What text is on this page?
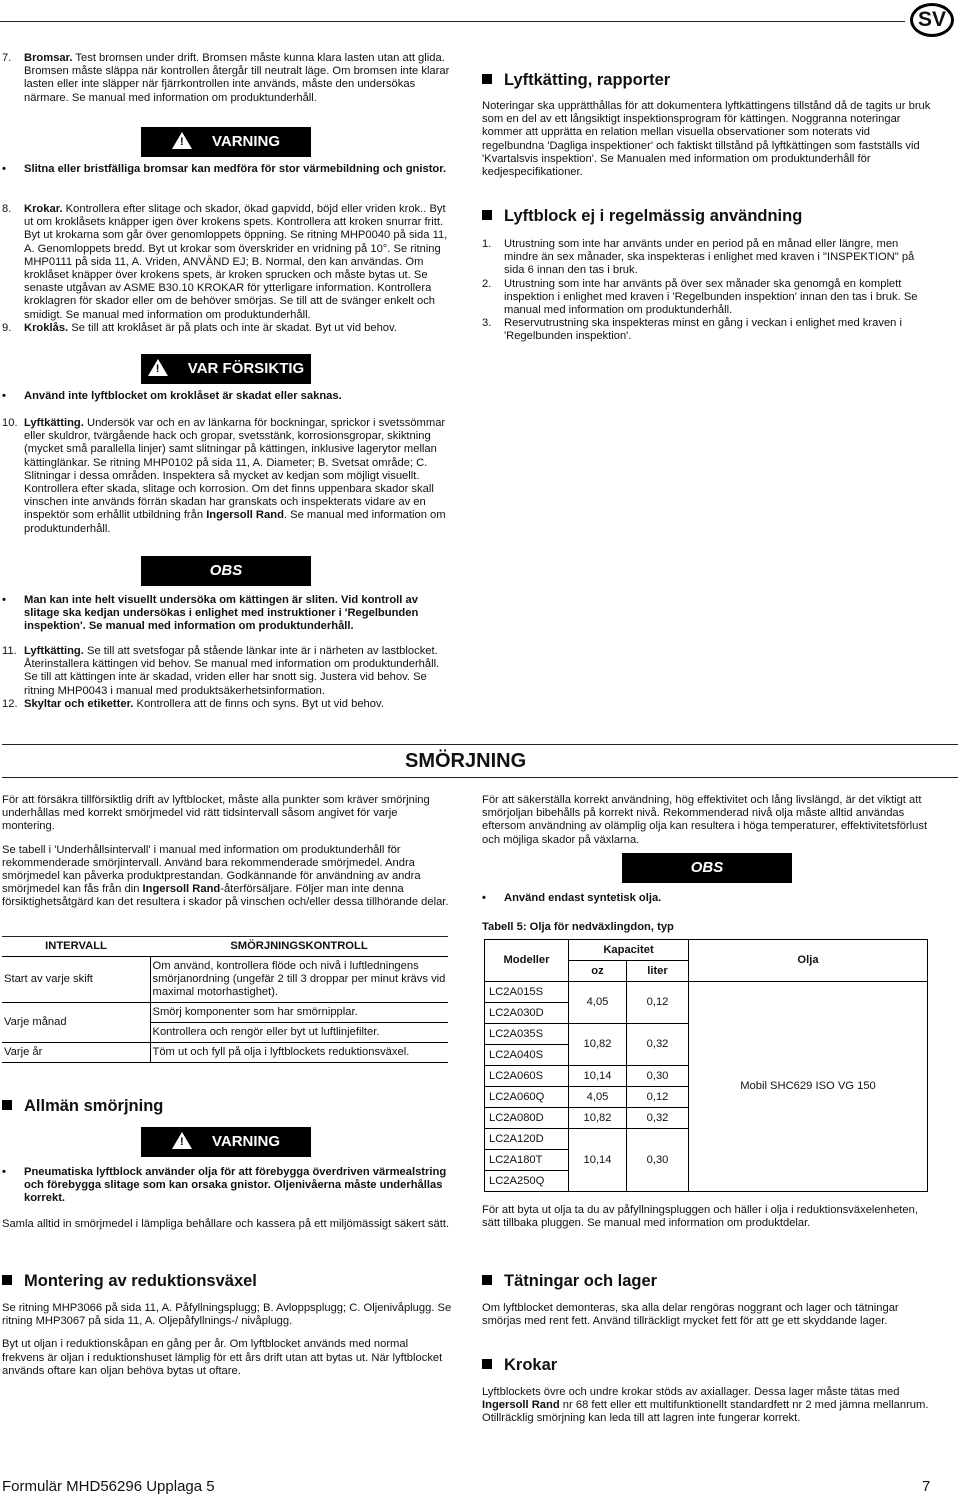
SV

7. Bromsar. Test bromsen under drift. Bromsen måste kunna klara lasten utan att glida. Bromsen måste släppa när kontrollen återgår till neutralt läge. Om bromsen inte klarar lasten eller inte släpper när fjärrkontrollen inte används, måste den undersökas närmare. Se manual med information om produktunderhåll.

! VARNING

• Slitna eller bristfälliga bromsar kan medföra för stor värmebildning och gnistor.

8. Krokar. Kontrollera efter slitage och skador, ökad gapvidd, böjd eller vriden krok.. Byt ut om kroklåsets knäpper igen över krokens spets. Kontrollera att kroken snurrar fritt. Byt ut krokarna som går över genomloppets öppning. Se ritning MHP0040 på sida 11, A. Genomloppets bredd. Byt ut krokar som överskrider en vridning på 10°. Se ritning MHP0111 på sida 11, A. Vriden, ANVÄND EJ; B. Normal, den kan användas. Om kroklåset knäpper över krokens spets, är kroken sprucken och måste bytas ut. Se senaste utgåvan av ASME B30.10 KROKAR för ytterligare information. Kontrollera kroklagren för skador eller om de behöver smörjas. Se till att de svänger enkelt och smidigt. Se manual med information om produktunderhåll.

9. Kroklås. Se till att kroklåset är på plats och inte är skadat. Byt ut vid behov.

! VAR FÖRSIKTIG

• Använd inte lyftblocket om kroklåset är skadat eller saknas.

10. Lyftkätting. Undersök var och en av länkarna för bockningar, sprickor i svetssömmar eller skuldror, tvärgående hack och gropar, svetsstänk, korrosionsgropar, skiktning (mycket små parallella linjer) samt slitningar på kättingen, inklusive lagerytor mellan kättinglänkar. Se ritning MHP0102 på sida 11, A. Diameter; B. Svetsat område; C. Slitningar i dessa områden. Inspektera så mycket av kedjan som möjligt visuellt. Kontrollera efter skada, slitage och korrosion. Om det finns uppenbara skador skall vinschen inte används förrän skadan har granskats och inspekterats vidare av en inspektör som erhållit utbildning från Ingersoll Rand. Se manual med information om produktunderhåll.

OBS

• Man kan inte helt visuellt undersöka om kättingen är sliten. Vid kontroll av slitage ska kedjan undersökas i enlighet med instruktioner i 'Regelbunden inspektion'. Se manual med information om produktunderhåll.

11. Lyftkätting. Se till att svetsfogar på stående länkar inte är i närheten av lastblocket. Återinstallera kättingen vid behov. Se manual med information om produktunderhåll. Se till att kättingen inte är skadad, vriden eller har snott sig. Justera vid behov. Se ritning MHP0043 i manual med produktsäkerhetsinformation.

12. Skyltar och etiketter. Kontrollera att de finns och syns. Byt ut vid behov.

Lyftkätting, rapporter

Noteringar ska upprätthållas för att dokumentera lyftkättingens tillstånd då de tagits ur bruk som en del av ett långsiktigt inspektionsprogram för kättingen. Noggranna noteringar kommer att upprätta en relation mellan visuella observationer som noterats vid regelbundna 'Dagliga inspektioner' och faktiskt tillstånd på lyftkättingen som fastställs vid 'Kvartalsvis inspektion'. Se Manualen med information om produktunderhåll för kedjespecifikationer.

Lyftblock ej i regelmässig användning

1. Utrustning som inte har använts under en period på en månad eller längre, men mindre än sex månader, ska inspekteras i enlighet med kraven i "INSPEKTION" på sida 6 innan den tas i bruk.

2. Utrustning som inte har använts på över sex månader ska genomgå en komplett inspektion i enlighet med kraven i 'Regelbunden inspektion' innan den tas i bruk. Se manual med information om produktunderhåll.

3. Reservutrustning ska inspekteras minst en gång i veckan i enlighet med kraven i 'Regelbunden inspektion'.

SMÖRJNING

För att försäkra tillförsiktlig drift av lyftblocket, måste alla punkter som kräver smörjning underhållas med korrekt smörjmedel vid rätt tidsintervall såsom angivet för varje montering.

Se tabell i 'Underhållsintervall' i manual med information om produktunderhåll för rekommenderade smörjintervall. Använd bara rekommenderade smörjmedel. Andra smörjmedel kan påverka produktprestandan. Godkännande för användning av andra smörjmedel kan fås från din Ingersoll Rand-återförsäljare. Följer man inte denna försiktighetsåtgärd kan det resultera i skador på vinschen och/eller dessa tillhörande delar.

INTERVALL	SMÖRJNINGSKONTROLL
Start av varje skift	Om använd, kontrollera flöde och nivå i luftledningens smörjanordning (ungefär 2 till 3 droppar per minut krävs vid maximal motorhastighet).
Varje månad	Smörj komponenter som har smörnipplar.
	Kontrollera och rengör eller byt ut luftlinjefilter.
Varje år	Töm ut och fyll på olja i lyftblockets reduktionsväxel.
Allmän smörjning
! VARNING

• Pneumatiska lyftblock använder olja för att förebygga överdriven värmealstring och förebygga slitage som kan orsaka gnistor. Oljenivåerna måste underhållas korrekt.

Samla alltid in smörjmedel i lämpliga behållare och kassera på ett miljömässigt säkert sätt.

Montering av reduktionsväxel

Se ritning MHP3066 på sida 11, A. Påfyllningsplugg; B. Avloppsplugg; C. Oljenivåplugg. Se ritning MHP3067 på sida 11, A. Oljepåfyllnings-/ nivåplugg.

Byt ut oljan i reduktionskåpan en gång per år. Om lyftblocket används med normal frekvens är oljan i reduktionshuset lämplig för ett års drift utan att bytas ut. När lyftblocket används oftare kan oljan behöva bytas ut oftare.

För att säkerställa korrekt användning, hög effektivitet och lång livslängd, är det viktigt att smörjoljan bibehålls på korrekt nivå. Rekommenderad nivå olja måste alltid användas eftersom användning av olämplig olja kan resultera i höga temperaturer, effektivitetsförlust och möjliga skador på växlarna.

OBS

• Använd endast syntetisk olja.

Tabell 5: Olja för nedväxlingdon, typ

Modeller	Kapacitet		Olja
	oz	liter	
LC2A015S	4,05	0,12	Mobil SHC629 ISO VG 150
LC2A030D			
LC2A035S	10,82	0,32	
LC2A040S			
LC2A060S	10,14	0,30	
LC2A060Q	4,05	0,12	
LC2A080D	10,82	0,32	
LC2A120D	10,14	0,30	
LC2A180T			
LC2A250Q			

För att byta ut olja ta du av påfyllningspluggen och häller i olja i reduktionsväxelenheten, sätt tillbaka pluggen. Se manual med information om produktdelar.

Tätningar och lager

Om lyftblocket demonteras, ska alla delar rengöras noggrant och lager och tätningar smörjas med rent fett. Använd tillräckligt mycket fett för att ge ett skyddande lager.

Krokar

Lyftblockets övre och undre krokar stöds av axiallager. Dessa lager måste tätas med Ingersoll Rand nr 68 fett eller ett multifunktionellt standardfett nr 2 med jämna mellanrum. Otillräcklig smörjning kan leda till att lagren inte fungerar korrekt.

Formulär MHD56296 Upplaga 5	7
